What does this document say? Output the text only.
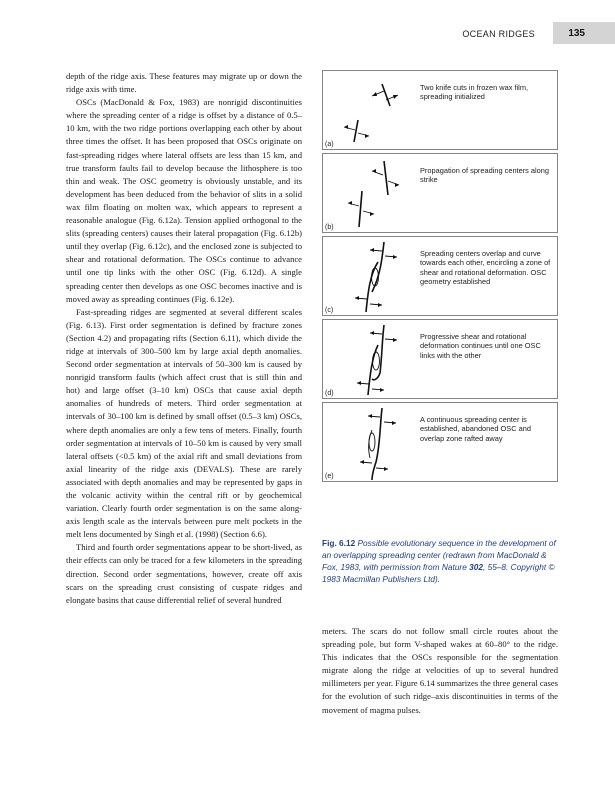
OCEAN RIDGES	135

depth of the ridge axis. These features may migrate up or down the ridge axis with time.

OSCs (MacDonald & Fox, 1983) are nonrigid discontinuities where the spreading center of a ridge is offset by a distance of 0.5–10 km, with the two ridge portions overlapping each other by about three times the offset. It has been proposed that OSCs originate on fast-spreading ridges where lateral offsets are less than 15 km, and true transform faults fail to develop because the lithosphere is too thin and weak. The OSC geometry is obviously unstable, and its development has been deduced from the behavior of slits in a solid wax film floating on molten wax, which appears to represent a reasonable analogue (Fig. 6.12a). Tension applied orthogonal to the slits (spreading centers) causes their lateral propagation (Fig. 6.12b) until they overlap (Fig. 6.12c), and the enclosed zone is subjected to shear and rotational deformation. The OSCs continue to advance until one tip links with the other OSC (Fig. 6.12d). A single spreading center then develops as one OSC becomes inactive and is moved away as spreading continues (Fig. 6.12e).

Fast-spreading ridges are segmented at several different scales (Fig. 6.13). First order segmentation is defined by fracture zones (Section 4.2) and propagating rifts (Section 6.11), which divide the ridge at intervals of 300–500 km by large axial depth anomalies. Second order segmentation at intervals of 50–300 km is caused by nonrigid transform faults (which affect crust that is still thin and hot) and large offset (3–10 km) OSCs that cause axial depth anomalies of hundreds of meters. Third order segmentation at intervals of 30–100 km is defined by small offset (0.5–3 km) OSCs, where depth anomalies are only a few tens of meters. Finally, fourth order segmentation at intervals of 10–50 km is caused by very small lateral offsets (<0.5 km) of the axial rift and small deviations from axial linearity of the ridge axis (DEVALS). These are rarely associated with depth anomalies and may be represented by gaps in the volcanic activity within the central rift or by geochemical variation. Clearly fourth order segmentation is on the same along-axis length scale as the intervals between pure melt pockets in the melt lens documented by Singh et al. (1998) (Section 6.6).

Third and fourth order segmentations appear to be short-lived, as their effects can only be traced for a few kilometers in the spreading direction. Second order segmentations, however, create off axis scars on the spreading crust consisting of cuspate ridges and elongate basins that cause differential relief of several hundred

(a)
Two knife cuts in frozen wax film, spreading initialized
(b)
Propagation of spreading centers along strike
(c)
Spreading centers overlap and curve towards each other, encircling a zone of shear and rotational deformation. OSC geometry established
(d)
Progressive shear and rotational deformation continues until one OSC links with the other
(e)
A continuous spreading center is established, abandoned OSC and overlap zone rafted away
Fig. 6.12 Possible evolutionary sequence in the development of an overlapping spreading center (redrawn from MacDonald & Fox, 1983, with permission from Nature 302, 55–8. Copyright © 1983 Macmillan Publishers Ltd).

meters. The scars do not follow small circle routes about the spreading pole, but form V-shaped wakes at 60–80° to the ridge. This indicates that the OSCs responsible for the segmentation migrate along the ridge at velocities of up to several hundred millimeters per year. Figure 6.14 summarizes the three general cases for the evolution of such ridge–axis discontinuities in terms of the movement of magma pulses.
